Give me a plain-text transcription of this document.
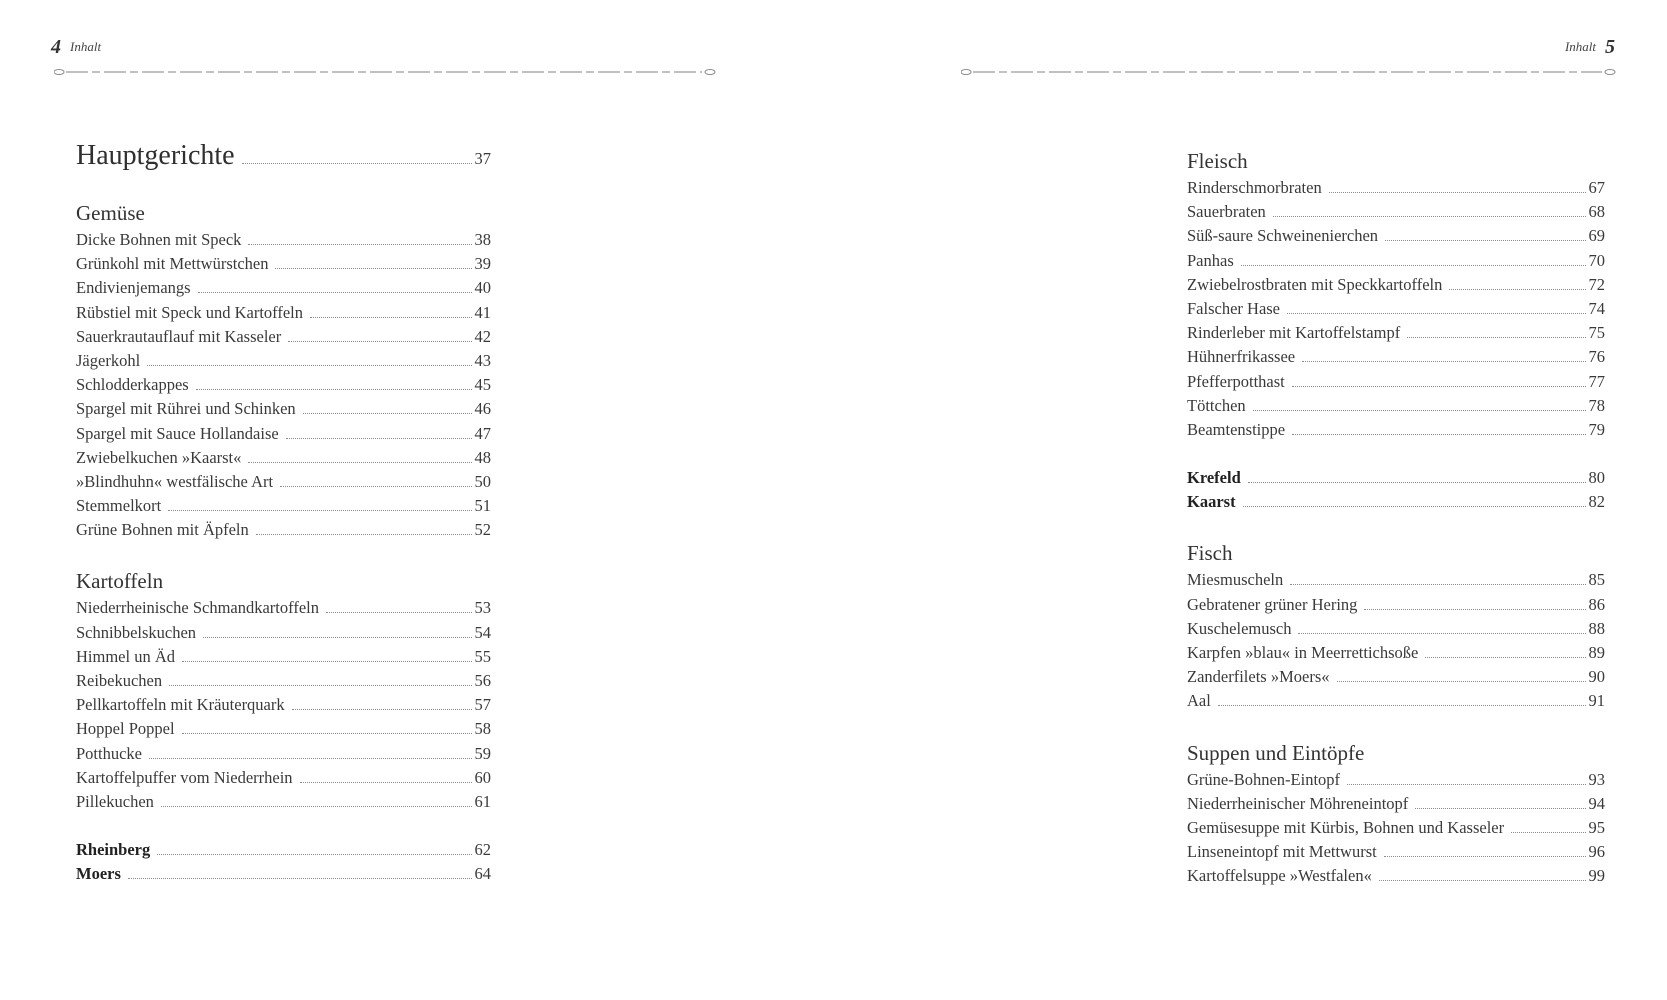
4 Inhalt
Hauptgerichte	37
Gemüse
Dicke Bohnen mit Speck	38
Grünkohl mit Mettwürstchen	39
Endivienjemangs	40
Rübstiel mit Speck und Kartoffeln	41
Sauerkrautauflauf mit Kasseler	42
Jägerkohl	43
Schlodderkappes	45
Spargel mit Rührei und Schinken	46
Spargel mit Sauce Hollandaise	47
Zwiebelkuchen »Kaarst«	48
»Blindhuhn« westfälische Art	50
Stemmelkort	51
Grüne Bohnen mit Äpfeln	52
Kartoffeln
Niederrheinische Schmandkartoffeln	53
Schnibbelskuchen	54
Himmel un Äd	55
Reibekuchen	56
Pellkartoffeln mit Kräuterquark	57
Hoppel Poppel	58
Potthucke	59
Kartoffelpuffer vom Niederrhein	60
Pillekuchen	61
Rheinberg	62
Moers	64
Inhalt 5
Fleisch
Rinderschmorbraten	67
Sauerbraten	68
Süß-saure Schweinenierchen	69
Panhas	70
Zwiebelrostbraten mit Speckkartoffeln	72
Falscher Hase	74
Rinderleber mit Kartoffelstampf	75
Hühnerfrikassee	76
Pfefferpotthast	77
Töttchen	78
Beamtenstippe	79
Krefeld	80
Kaarst	82
Fisch
Miesmuscheln	85
Gebratener grüner Hering	86
Kuschelemusch	88
Karpfen »blau« in Meerrettichsoße	89
Zanderfilets »Moers«	90
Aal	91
Suppen und Eintöpfe
Grüne-Bohnen-Eintopf	93
Niederrheinischer Möhreneintopf	94
Gemüsesuppe mit Kürbis, Bohnen und Kasseler	95
Linseneintopf mit Mettwurst	96
Kartoffelsuppe »Westfalen«	99
